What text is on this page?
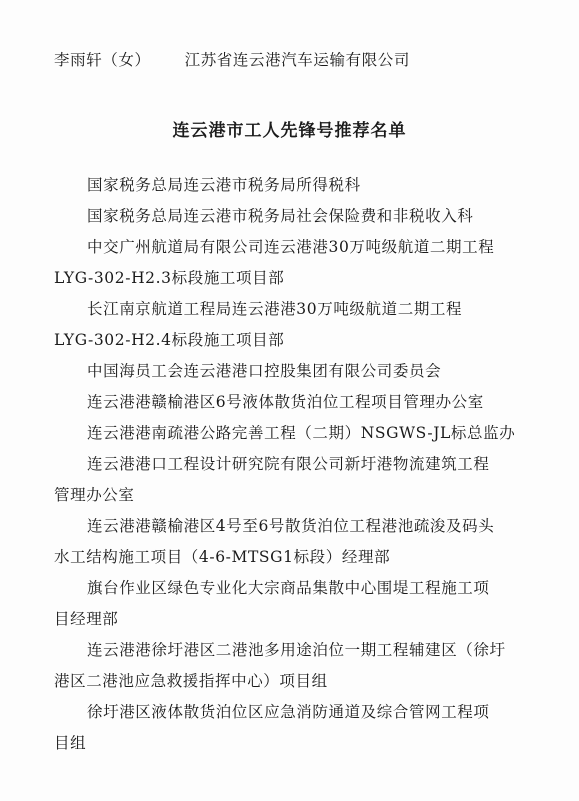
李雨轩（女） 江苏省连云港汽车运输有限公司
连云港市工人先锋号推荐名单
国家税务总局连云港市税务局所得税科
国家税务总局连云港市税务局社会保险费和非税收入科
中交广州航道局有限公司连云港港30万吨级航道二期工程
LYG-302-H2.3标段施工项目部
长江南京航道工程局连云港港30万吨级航道二期工程
LYG-302-H2.4标段施工项目部
中国海员工会连云港港口控股集团有限公司委员会
连云港港赣榆港区6号液体散货泊位工程项目管理办公室
连云港港南疏港公路完善工程（二期）NSGWS-JL标总监办
连云港港口工程设计研究院有限公司新圩港物流建筑工程
管理办公室
连云港港赣榆港区4号至6号散货泊位工程港池疏浚及码头
水工结构施工项目（4-6-MTSG1标段）经理部
旗台作业区绿色专业化大宗商品集散中心围堤工程施工项
目经理部
连云港港徐圩港区二港池多用途泊位一期工程辅建区（徐圩
港区二港池应急救援指挥中心）项目组
徐圩港区液体散货泊位区应急消防通道及综合管网工程项
目组
